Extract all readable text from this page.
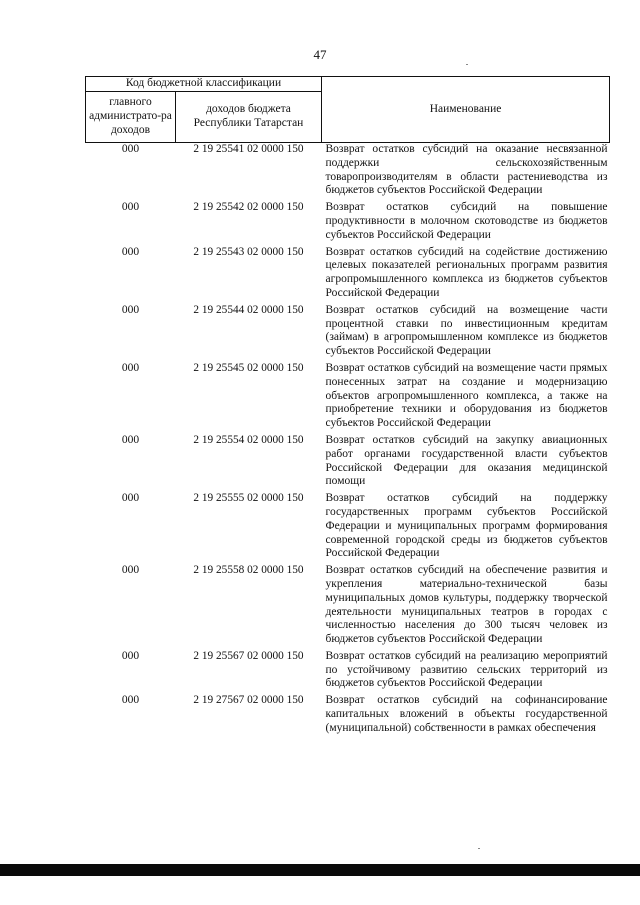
47
Код бюджетной классификации		Наименование
главного администрато-ра доходов	доходов бюджета Республики Татарстан	
000	2 19 25541 02 0000 150	Возврат остатков субсидий на оказание несвязанной поддержки сельскохозяйственным товаропроизводителям в области растениеводства из бюджетов субъектов Российской Федерации
000	2 19 25542 02 0000 150	Возврат остатков субсидий на повышение продуктивности в молочном скотоводстве из бюджетов субъектов Российской Федерации
000	2 19 25543 02 0000 150	Возврат остатков субсидий на содействие достижению целевых показателей региональных программ развития агропромышленного комплекса из бюджетов субъектов Российской Федерации
000	2 19 25544 02 0000 150	Возврат остатков субсидий на возмещение части процентной ставки по инвестиционным кредитам (займам) в агропромышленном комплексе из бюджетов субъектов Российской Федерации
000	2 19 25545 02 0000 150	Возврат остатков субсидий на возмещение части прямых понесенных затрат на создание и модернизацию объектов агропромышленного комплекса, а также на приобретение техники и оборудования из бюджетов субъектов Российской Федерации
000	2 19 25554 02 0000 150	Возврат остатков субсидий на закупку авиационных работ органами государственной власти субъектов Российской Федерации для оказания медицинской помощи
000	2 19 25555 02 0000 150	Возврат остатков субсидий на поддержку государственных программ субъектов Российской Федерации и муниципальных программ формирования современной городской среды из бюджетов субъектов Российской Федерации
000	2 19 25558 02 0000 150	Возврат остатков субсидий на обеспечение развития и укрепления материально-технической базы муниципальных домов культуры, поддержку творческой деятельности муниципальных театров в городах с численностью населения до 300 тысяч человек из бюджетов субъектов Российской Федерации
000	2 19 25567 02 0000 150	Возврат остатков субсидий на реализацию мероприятий по устойчивому развитию сельских территорий из бюджетов субъектов Российской Федерации
000	2 19 27567 02 0000 150	Возврат остатков субсидий на софинансирование капитальных вложений в объекты государственной (муниципальной) собственности в рамках обеспечения
